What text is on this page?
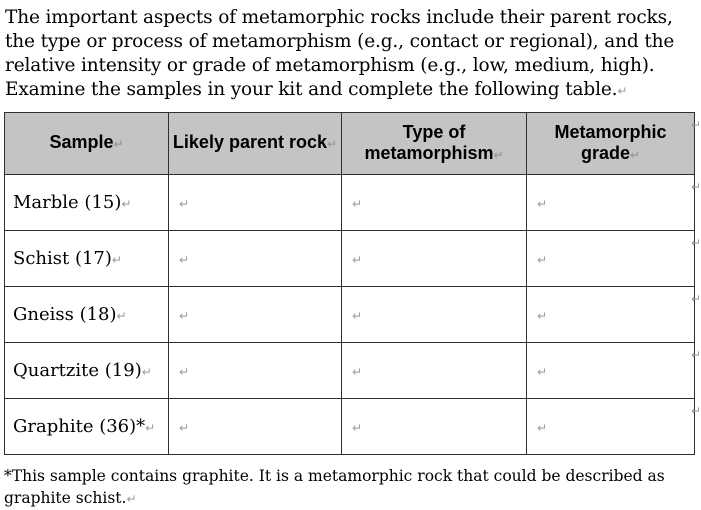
The important aspects of metamorphic rocks include their parent rocks, the type or process of metamorphism (e.g., contact or regional), and the relative intensity or grade of metamorphism (e.g., low, medium, high). Examine the samples in your kit and complete the following table.↵

Sample↵	Likely parent rock↵	Type of metamorphism↵	Metamorphic grade↵
Marble (15)↵	↵	↵	↵
Schist (17)↵	↵	↵	↵
Gneiss (18)↵	↵	↵	↵
Quartzite (19)↵	↵	↵	↵
Graphite (36)*↵	↵	↵	↵
↵
↵
↵
↵
↵
↵

*This sample contains graphite. It is a metamorphic rock that could be described as graphite schist.↵
